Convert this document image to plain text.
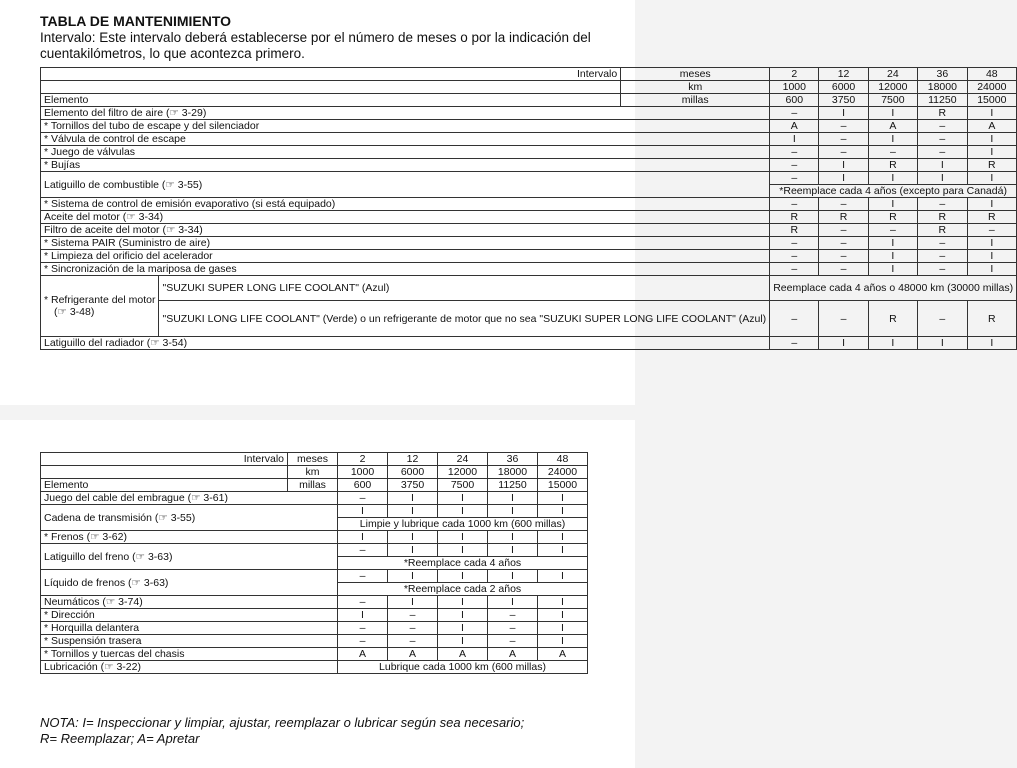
TABLA DE MANTENIMIENTO
Intervalo: Este intervalo deberá establecerse por el número de meses o por la indicación del cuentakilómetros, lo que acontezca primero.
Intervalo		meses	2	12	24	36	48
		km	1000	6000	12000	18000	24000
Elemento		millas	600	3750	7500	11250	15000
Elemento del filtro de aire (☞ 3-29)			–	I	I	R	I
* Tornillos del tubo de escape y del silenciador			A	–	A	–	A
* Válvula de control de escape			I	–	I	–	I
* Juego de válvulas			–	–	–	–	I
* Bujías			–	I	R	I	R
Latiguillo de combustible (☞ 3-55)			–	I	I	I	I
			*Reemplace cada 4 años (excepto para Canadá)				
* Sistema de control de emisión evaporativo (si está equipado)			–	–	I	–	I
Aceite del motor (☞ 3-34)			R	R	R	R	R
Filtro de aceite del motor (☞ 3-34)			R	–	–	R	–
* Sistema PAIR (Suministro de aire)			–	–	I	–	I
* Limpieza del orificio del acelerador			–	–	I	–	I
* Sincronización de la mariposa de gases			–	–	I	–	I

* Refrigerante del motor
(☞ 3-48)	"SUZUKI SUPER LONG LIFE COOLANT" (Azul)		Reemplace cada 4 años o 48000 km (30000 millas)				
	"SUZUKI LONG LIFE COOLANT" (Verde) o un refrigerante de motor que no sea "SUZUKI SUPER LONG LIFE COOLANT" (Azul)		–	–	R	–	R
Latiguillo del radiador (☞ 3-54)			–	I	I	I	I
Intervalo	meses	2	12	24	36	48
	km	1000	6000	12000	18000	24000
Elemento	millas	600	3750	7500	11250	15000
Juego del cable del embrague (☞ 3-61)		–	I	I	I	I
Cadena de transmisión (☞ 3-55)		I	I	I	I	I
		Limpie y lubrique cada 1000 km (600 millas)				
* Frenos (☞ 3-62)		I	I	I	I	I
Latiguillo del freno (☞ 3-63)		–	I	I	I	I
		*Reemplace cada 4 años				
Líquido de frenos (☞ 3-63)		–	I	I	I	I
		*Reemplace cada 2 años				
Neumáticos (☞ 3-74)		–	I	I	I	I
* Dirección		I	–	I	–	I
* Horquilla delantera		–	–	I	–	I
* Suspensión trasera		–	–	I	–	I
* Tornillos y tuercas del chasis		A	A	A	A	A
Lubricación (☞ 3-22)		Lubrique cada 1000 km (600 millas)				
NOTA: I= Inspeccionar y limpiar, ajustar, reemplazar o lubricar según sea necesario;
R= Reemplazar; A= Apretar
